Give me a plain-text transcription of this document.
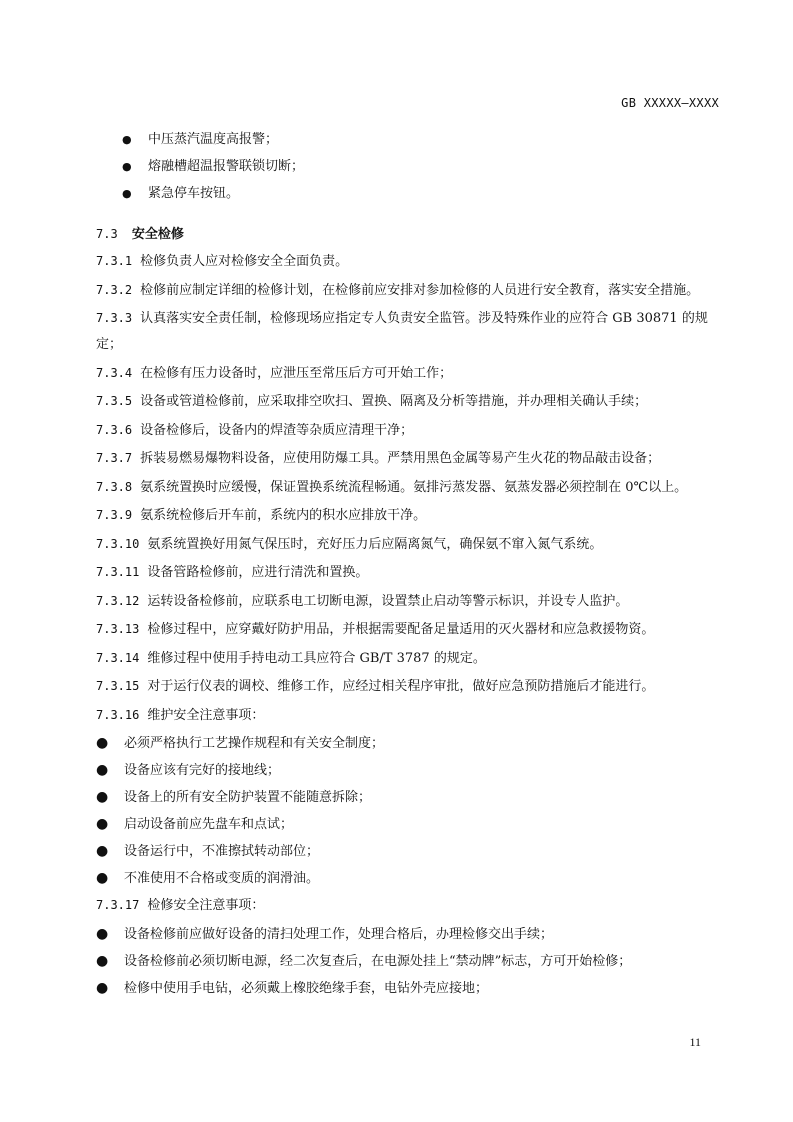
GB XXXXX—XXXX
● 中压蒸汽温度高报警；
● 熔融槽超温报警联锁切断；
● 紧急停车按钮。
7.3 安全检修
7.3.1 检修负责人应对检修安全全面负责。
7.3.2 检修前应制定详细的检修计划，在检修前应安排对参加检修的人员进行安全教育，落实安全措施。
7.3.3 认真落实安全责任制，检修现场应指定专人负责安全监管。涉及特殊作业的应符合 GB 30871 的规定；
7.3.4 在检修有压力设备时，应泄压至常压后方可开始工作；
7.3.5 设备或管道检修前，应采取排空吹扫、置换、隔离及分析等措施，并办理相关确认手续；
7.3.6 设备检修后，设备内的焊渣等杂质应清理干净；
7.3.7 拆装易燃易爆物料设备，应使用防爆工具。严禁用黑色金属等易产生火花的物品敲击设备；
7.3.8 氨系统置换时应缓慢，保证置换系统流程畅通。氨排污蒸发器、氨蒸发器必须控制在 0℃以上。
7.3.9 氨系统检修后开车前，系统内的积水应排放干净。
7.3.10 氨系统置换好用氮气保压时，充好压力后应隔离氮气，确保氨不窜入氮气系统。
7.3.11 设备管路检修前，应进行清洗和置换。
7.3.12 运转设备检修前，应联系电工切断电源，设置禁止启动等警示标识，并设专人监护。
7.3.13 检修过程中，应穿戴好防护用品，并根据需要配备足量适用的灭火器材和应急救援物资。
7.3.14 维修过程中使用手持电动工具应符合 GB/T 3787 的规定。
7.3.15 对于运行仪表的调校、维修工作，应经过相关程序审批，做好应急预防措施后才能进行。
7.3.16 维护安全注意事项：
● 必须严格执行工艺操作规程和有关安全制度；
● 设备应该有完好的接地线；
● 设备上的所有安全防护装置不能随意拆除；
● 启动设备前应先盘车和点试；
● 设备运行中，不准擦拭转动部位；
● 不准使用不合格或变质的润滑油。
7.3.17 检修安全注意事项：
● 设备检修前应做好设备的清扫处理工作，处理合格后，办理检修交出手续；
● 设备检修前必须切断电源，经二次复查后，在电源处挂上“禁动牌”标志，方可开始检修；
● 检修中使用手电钻，必须戴上橡胶绝缘手套，电钻外壳应接地；
11
